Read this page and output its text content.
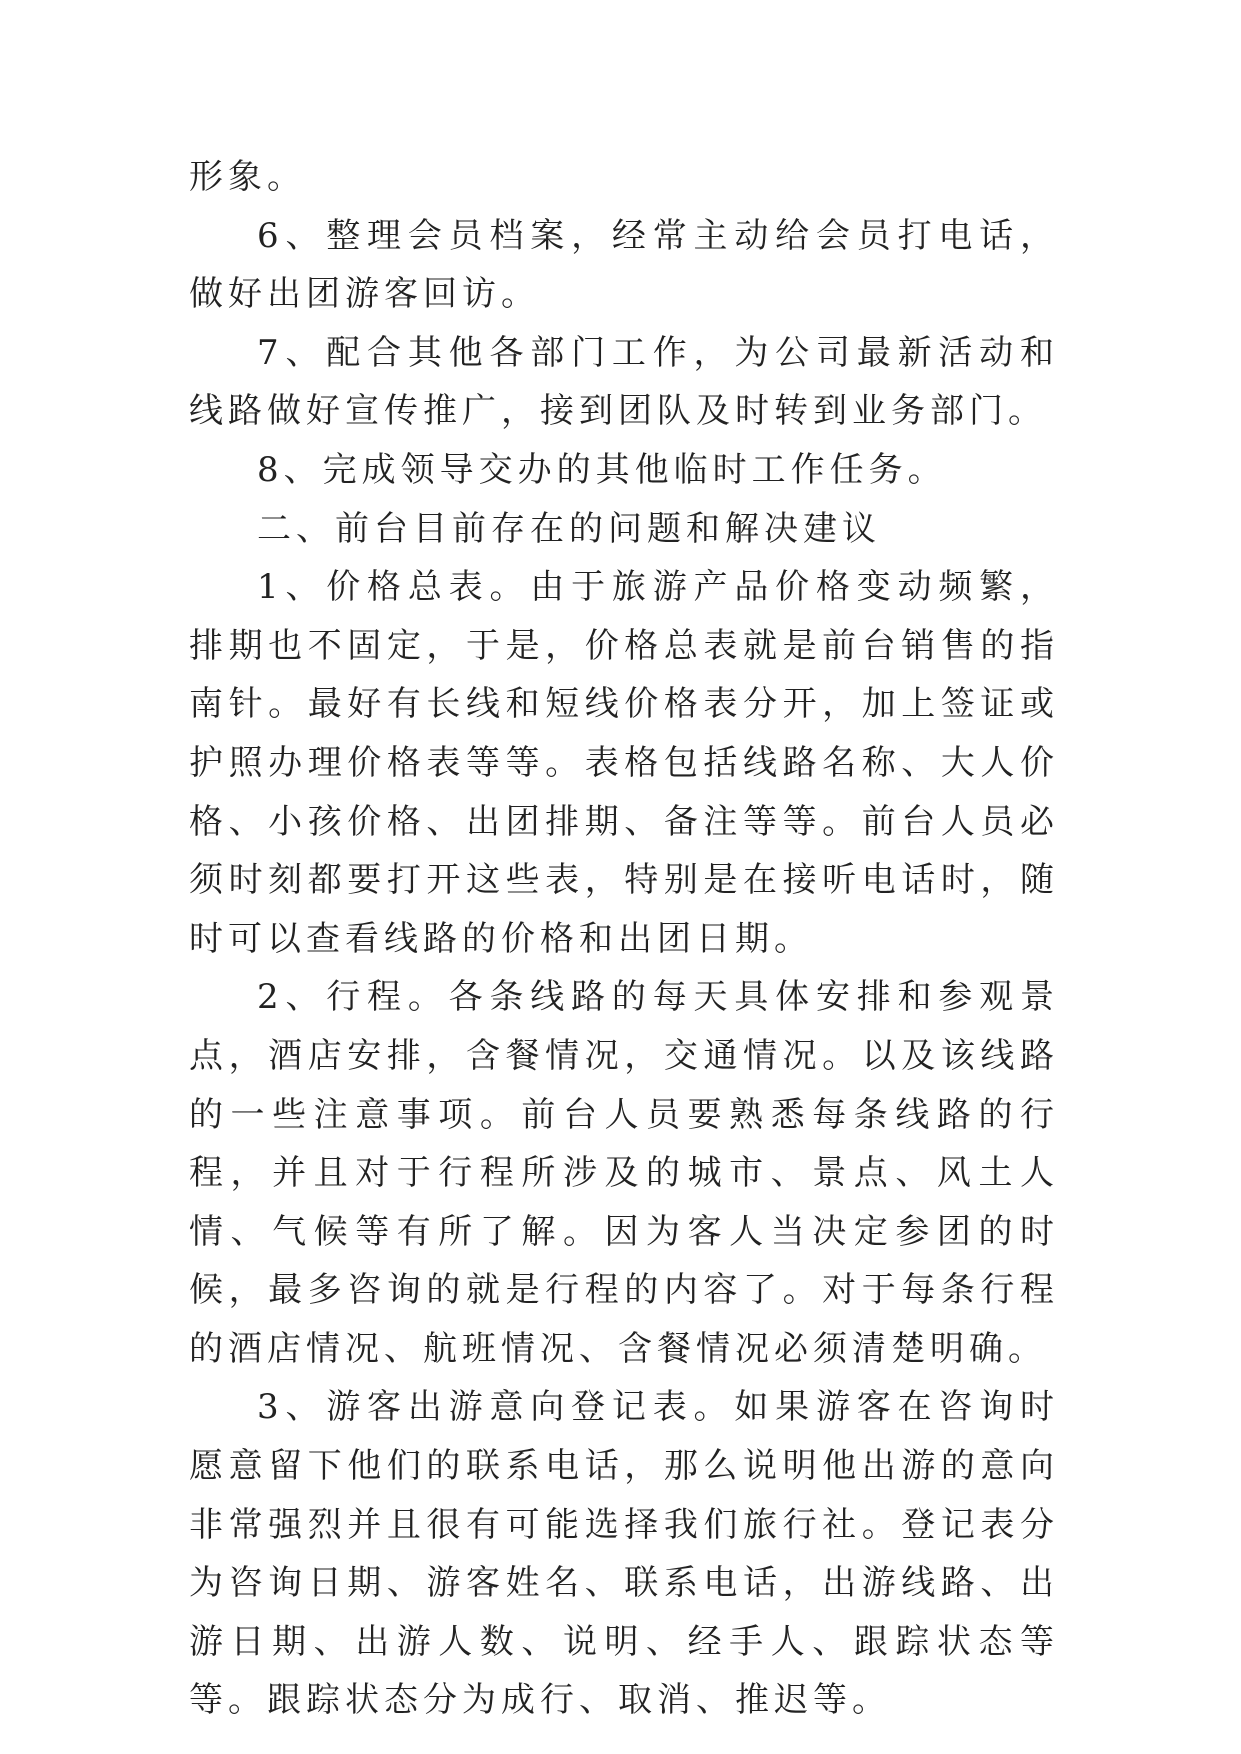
形象。

6、整理会员档案，经常主动给会员打电话，做好出团游客回访。

7、配合其他各部门工作，为公司最新活动和线路做好宣传推广，接到团队及时转到业务部门。

8、完成领导交办的其他临时工作任务。

二、前台目前存在的问题和解决建议

1、价格总表。由于旅游产品价格变动频繁，排期也不固定，于是，价格总表就是前台销售的指南针。最好有长线和短线价格表分开，加上签证或护照办理价格表等等。表格包括线路名称、大人价格、小孩价格、出团排期、备注等等。前台人员必须时刻都要打开这些表，特别是在接听电话时，随时可以查看线路的价格和出团日期。

2、行程。各条线路的每天具体安排和参观景点，酒店安排，含餐情况，交通情况。以及该线路的一些注意事项。前台人员要熟悉每条线路的行程，并且对于行程所涉及的城市、景点、风土人情、气候等有所了解。因为客人当决定参团的时候，最多咨询的就是行程的内容了。对于每条行程的酒店情况、航班情况、含餐情况必须清楚明确。

3、游客出游意向登记表。如果游客在咨询时愿意留下他们的联系电话，那么说明他出游的意向非常强烈并且很有可能选择我们旅行社。登记表分为咨询日期、游客姓名、联系电话，出游线路、出游日期、出游人数、说明、经手人、跟踪状态等等。跟踪状态分为成行、取消、推迟等。
